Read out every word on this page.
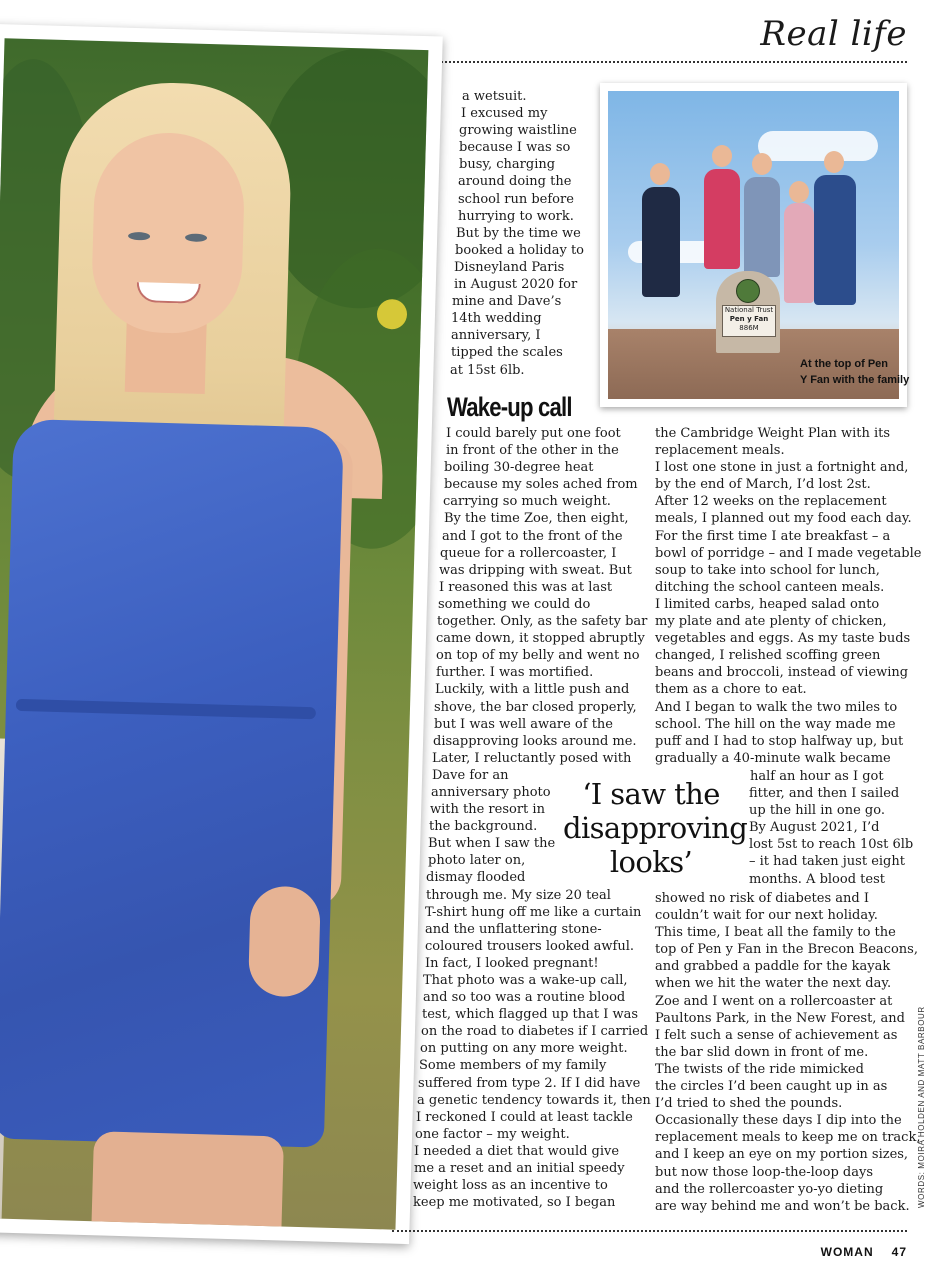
Real life
National Trust
Pen y Fan
886M
At the top of Pen
Y Fan with the family
a wetsuit.
I excused my
growing waistline
because I was so
busy, charging
around doing the
school run before
hurrying to work.
But by the time we
booked a holiday to
Disneyland Paris
in August 2020 for
mine and Dave’s
14th wedding
anniversary, I
tipped the scales
at 15st 6lb.
Wake-up call
I could barely put one foot
in front of the other in the
boiling 30-degree heat
because my soles ached from
carrying so much weight.
By the time Zoe, then eight,
and I got to the front of the
queue for a rollercoaster, I
was dripping with sweat. But
I reasoned this was at last
something we could do
together. Only, as the safety bar
came down, it stopped abruptly
on top of my belly and went no
further. I was mortified.
Luckily, with a little push and
shove, the bar closed properly,
but I was well aware of the
disapproving looks around me.
Later, I reluctantly posed with
Dave for an
anniversary photo
with the resort in
the background.
But when I saw the
photo later on,
dismay flooded
through me. My size 20 teal
T-shirt hung off me like a curtain
and the unflattering stone-
coloured trousers looked awful.
In fact, I looked pregnant!
That photo was a wake-up call,
and so too was a routine blood
test, which flagged up that I was
on the road to diabetes if I carried
on putting on any more weight.
Some members of my family
suffered from type 2. If I did have
a genetic tendency towards it, then
I reckoned I could at least tackle
one factor – my weight.
I needed a diet that would give
me a reset and an initial speedy
weight loss as an incentive to
keep me motivated, so I began
the Cambridge Weight Plan with its
replacement meals.
I lost one stone in just a fortnight and,
by the end of March, I’d lost 2st.
After 12 weeks on the replacement
meals, I planned out my food each day.
For the first time I ate breakfast – a
bowl of porridge – and I made vegetable
soup to take into school for lunch,
ditching the school canteen meals.
I limited carbs, heaped salad onto
my plate and ate plenty of chicken,
vegetables and eggs. As my taste buds
changed, I relished scoffing green
beans and broccoli, instead of viewing
them as a chore to eat.
And I began to walk the two miles to
school. The hill on the way made me
puff and I had to stop halfway up, but
gradually a 40-minute walk became
half an hour as I got
fitter, and then I sailed
up the hill in one go.
By August 2021, I’d
lost 5st to reach 10st 6lb
– it had taken just eight
months. A blood test
showed no risk of diabetes and I
couldn’t wait for our next holiday.
This time, I beat all the family to the
top of Pen y Fan in the Brecon Beacons,
and grabbed a paddle for the kayak
when we hit the water the next day.
Zoe and I went on a rollercoaster at
Paultons Park, in the New Forest, and
I felt such a sense of achievement as
the bar slid down in front of me.
The twists of the ride mimicked
the circles I’d been caught up in as
I’d tried to shed the pounds.
Occasionally these days I dip into the
replacement meals to keep me on track,
and I keep an eye on my portion sizes,
but now those loop-the-loop days
and the rollercoaster yo-yo dieting
are way behind me and won’t be back.
‘I saw the
disapproving
looks’
WORDS: MOIRA HOLDEN AND MATT BARBOUR
WOMAN 47
